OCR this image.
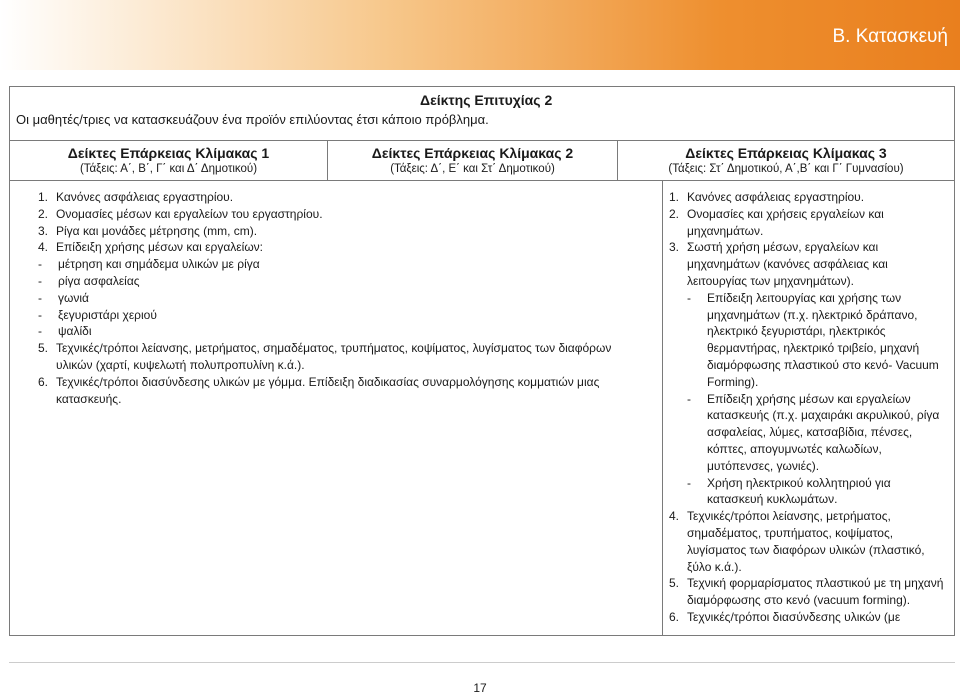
Β. Κατασκευή
Δείκτης Επιτυχίας 2
Οι μαθητές/τριες να κατασκευάζουν ένα προϊόν επιλύοντας έτσι κάποιο πρόβλημα.
Δείκτες Επάρκειας Κλίμακας 1
(Τάξεις: Α΄, Β΄, Γ΄ και Δ΄ Δημοτικού)
Δείκτες Επάρκειας Κλίμακας 2
(Τάξεις: Δ΄, Ε΄ και Στ΄ Δημοτικού)
Δείκτες Επάρκειας Κλίμακας 3
(Τάξεις: Στ΄ Δημοτικού, Α΄,Β΄ και Γ΄ Γυμνασίου)
1. Κανόνες ασφάλειας εργαστηρίου.
2. Ονομασίες μέσων και εργαλείων του εργαστηρίου.
3. Ρίγα και μονάδες μέτρησης (mm, cm).
4. Επίδειξη χρήσης μέσων και εργαλείων:
- μέτρηση και σημάδεμα υλικών με ρίγα
- ρίγα ασφαλείας
- γωνιά
- ξεγυριστάρι χεριού
- ψαλίδι
5. Τεχνικές/τρόποι λείανσης, μετρήματος, σημαδέματος, τρυπήματος, κοψίματος, λυγίσματος των διαφόρων υλικών (χαρτί, κυψελωτή πολυπροπυλίνη κ.ά.).
6. Τεχνικές/τρόποι διασύνδεσης υλικών με γόμμα. Επίδειξη διαδικασίας συναρμολόγησης κομματιών μιας κατασκευής.
1. Κανόνες ασφάλειας εργαστηρίου.
2. Ονομασίες και χρήσεις εργαλείων και μηχανημάτων.
3. Σωστή χρήση μέσων, εργαλείων και μηχανημάτων (κανόνες ασφάλειας και λειτουργίας των μηχανημάτων).
- Επίδειξη λειτουργίας και χρήσης των μηχανημάτων (π.χ. ηλεκτρικό δράπανο, ηλεκτρικό ξεγυριστάρι, ηλεκτρικός θερμαντήρας, ηλεκτρικό τριβείο, μηχανή διαμόρφωσης πλαστικού στο κενό- Vacuum Forming).
- Επίδειξη χρήσης μέσων και εργαλείων κατασκευής (π.χ. μαχαιράκι ακρυλικού, ρίγα ασφαλείας, λύμες, κατσαβίδια, πένσες, κόπτες, απογυμνωτές καλωδίων, μυτόπενσες, γωνιές).
- Χρήση ηλεκτρικού κολλητηριού για κατασκευή κυκλωμάτων.
4. Τεχνικές/τρόποι λείανσης, μετρήματος, σημαδέματος, τρυπήματος, κοψίματος, λυγίσματος των διαφόρων υλικών (πλαστικό, ξύλο κ.ά.).
5. Τεχνική φορμαρίσματος πλαστικού με τη μηχανή διαμόρφωσης στο κενό (vacuum forming).
6. Τεχνικές/τρόποι διασύνδεσης υλικών (με
17
